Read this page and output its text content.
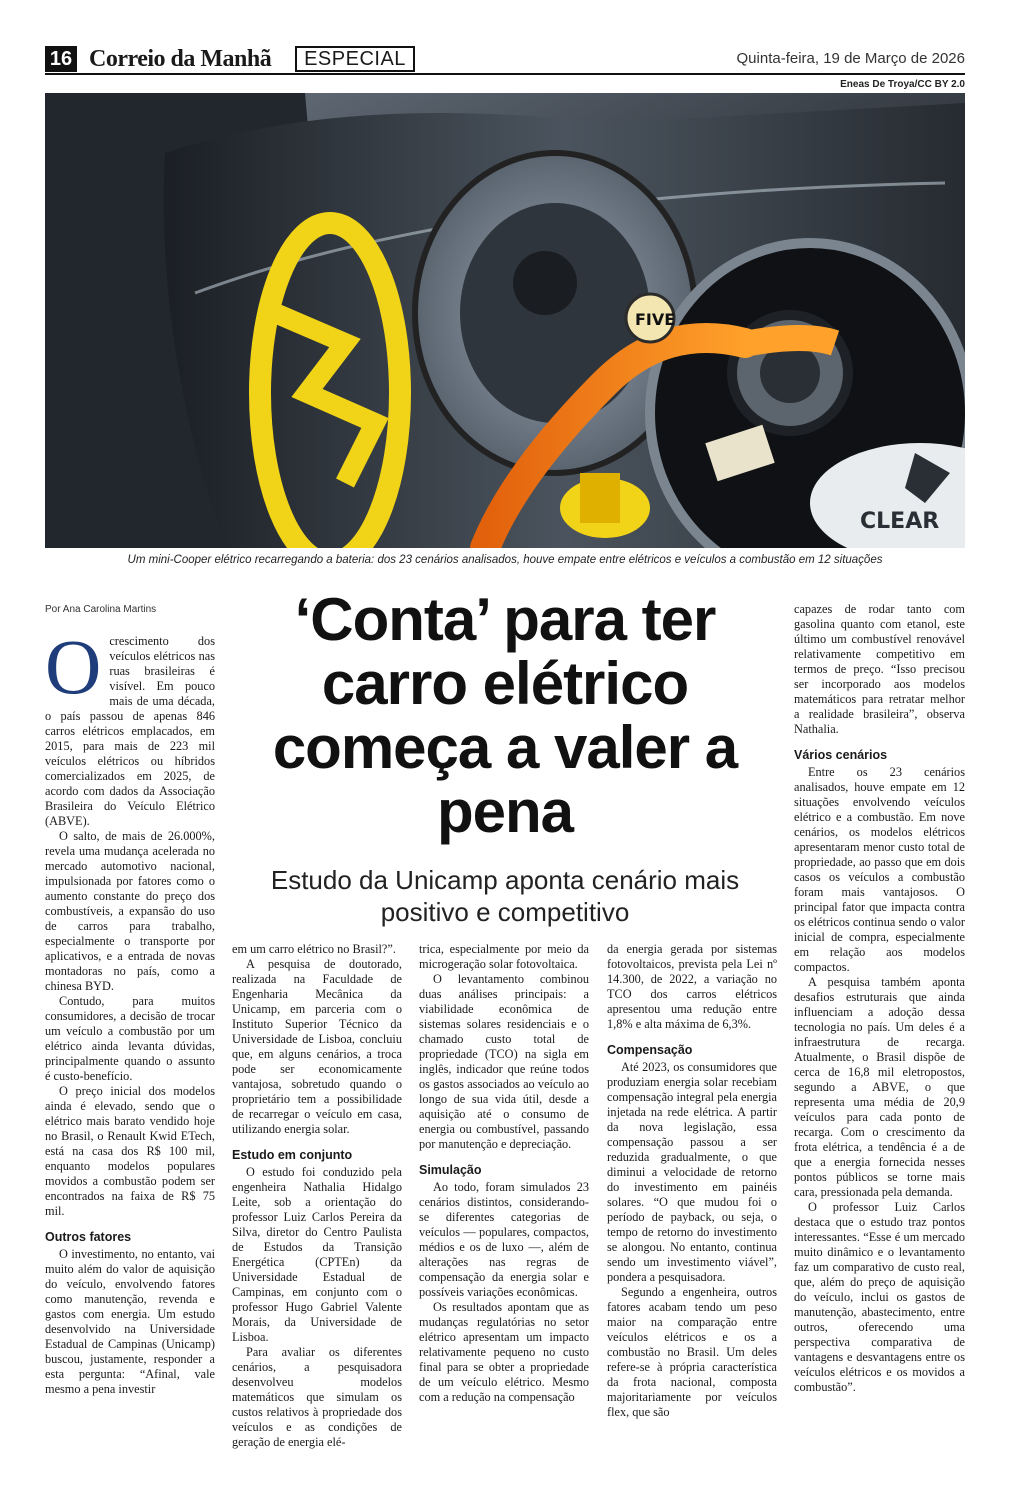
16 Correio da Manhã	ESPECIAL	Quinta-feira, 19 de Março de 2026
Eneas De Troya/CC BY 2.0
FIVE
CLEAR
Um mini-Cooper elétrico recarregando a bateria: dos 23 cenários analisados, houve empate entre elétricos e veículos a combustão em 12 situações
Por Ana Carolina Martins	‘Conta’ para ter carro elétrico começa a valer a pena
Estudo da Unicamp aponta cenário mais positivo e competitivo

Ocrescimento dos veículos elétricos nas ruas brasileiras é visível. Em pouco mais de uma década, o país passou de apenas 846 carros elétricos emplacados, em 2015, para mais de 223 mil veículos elétricos ou híbridos comercializados em 2025, de acordo com dados da Associação Brasileira do Veículo Elétrico (ABVE).

O salto, de mais de 26.000%, revela uma mudança acelerada no mercado automotivo nacional, impulsionada por fatores como o aumento constante do preço dos combustíveis, a expansão do uso de carros para trabalho, especialmente o transporte por aplicativos, e a entrada de novas montadoras no país, como a chinesa BYD.

Contudo, para muitos consumidores, a decisão de trocar um veículo a combustão por um elétrico ainda levanta dúvidas, principalmente quando o assunto é custo-benefício.

O preço inicial dos modelos ainda é elevado, sendo que o elétrico mais barato vendido hoje no Brasil, o Renault Kwid ETech, está na casa dos R$ 100 mil, enquanto modelos populares movidos a combustão podem ser encontrados na faixa de R$ 75 mil.

Outros fatores

O investimento, no entanto, vai muito além do valor de aquisição do veículo, envolvendo fatores como manutenção, revenda e gastos com energia. Um estudo desenvolvido na Universidade Estadual de Campinas (Unicamp) buscou, justamente, responder a esta pergunta: “Afinal, vale mesmo a pena investir

em um carro elétrico no Brasil?”.

A pesquisa de doutorado, realizada na Faculdade de Engenharia Mecânica da Unicamp, em parceria com o Instituto Superior Técnico da Universidade de Lisboa, concluiu que, em alguns cenários, a troca pode ser economicamente vantajosa, sobretudo quando o proprietário tem a possibilidade de recarregar o veículo em casa, utilizando energia solar.

Estudo em conjunto

O estudo foi conduzido pela engenheira Nathalia Hidalgo Leite, sob a orientação do professor Luiz Carlos Pereira da Silva, diretor do Centro Paulista de Estudos da Transição Energética (CPTEn) da Universidade Estadual de Campinas, em conjunto com o professor Hugo Gabriel Valente Morais, da Universidade de Lisboa.

Para avaliar os diferentes cenários, a pesquisadora desenvolveu modelos matemáticos que simulam os custos relativos à propriedade dos veículos e as condições de geração de energia elé-

trica, especialmente por meio da microgeração solar fotovoltaica.

O levantamento combinou duas análises principais: a viabilidade econômica de sistemas solares residenciais e o chamado custo total de propriedade (TCO) na sigla em inglês, indicador que reúne todos os gastos associados ao veículo ao longo de sua vida útil, desde a aquisição até o consumo de energia ou combustível, passando por manutenção e depreciação.

Simulação

Ao todo, foram simulados 23 cenários distintos, considerando-se diferentes categorias de veículos — populares, compactos, médios e os de luxo —, além de alterações nas regras de compensação da energia solar e possíveis variações econômicas.

Os resultados apontam que as mudanças regulatórias no setor elétrico apresentam um impacto relativamente pequeno no custo final para se obter a propriedade de um veículo elétrico. Mesmo com a redução na compensação

da energia gerada por sistemas fotovoltaicos, prevista pela Lei nº 14.300, de 2022, a variação no TCO dos carros elétricos apresentou uma redução entre 1,8% e alta máxima de 6,3%.

Compensação

Até 2023, os consumidores que produziam energia solar recebiam compensação integral pela energia injetada na rede elétrica. A partir da nova legislação, essa compensação passou a ser reduzida gradualmente, o que diminui a velocidade de retorno do investimento em painéis solares. “O que mudou foi o período de payback, ou seja, o tempo de retorno do investimento se alongou. No entanto, continua sendo um investimento viável”, pondera a pesquisadora.

Segundo a engenheira, outros fatores acabam tendo um peso maior na comparação entre veículos elétricos e os a combustão no Brasil. Um deles refere-se à própria característica da frota nacional, composta majoritariamente por veículos flex, que são

capazes de rodar tanto com gasolina quanto com etanol, este último um combustível renovável relativamente competitivo em termos de preço. “Isso precisou ser incorporado aos modelos matemáticos para retratar melhor a realidade brasileira”, observa Nathalia.

Vários cenários

Entre os 23 cenários analisados, houve empate em 12 situações envolvendo veículos elétrico e a combustão. Em nove cenários, os modelos elétricos apresentaram menor custo total de propriedade, ao passo que em dois casos os veículos a combustão foram mais vantajosos. O principal fator que impacta contra os elétricos continua sendo o valor inicial de compra, especialmente em relação aos modelos compactos.

A pesquisa também aponta desafios estruturais que ainda influenciam a adoção dessa tecnologia no país. Um deles é a infraestrutura de recarga. Atualmente, o Brasil dispõe de cerca de 16,8 mil eletropostos, segundo a ABVE, o que representa uma média de 20,9 veículos para cada ponto de recarga. Com o crescimento da frota elétrica, a tendência é a de que a energia fornecida nesses pontos públicos se torne mais cara, pressionada pela demanda.

O professor Luiz Carlos destaca que o estudo traz pontos interessantes. “Esse é um mercado muito dinâmico e o levantamento faz um comparativo de custo real, que, além do preço de aquisição do veículo, inclui os gastos de manutenção, abastecimento, entre outros, oferecendo uma perspectiva comparativa de vantagens e desvantagens entre os veículos elétricos e os movidos a combustão”.
